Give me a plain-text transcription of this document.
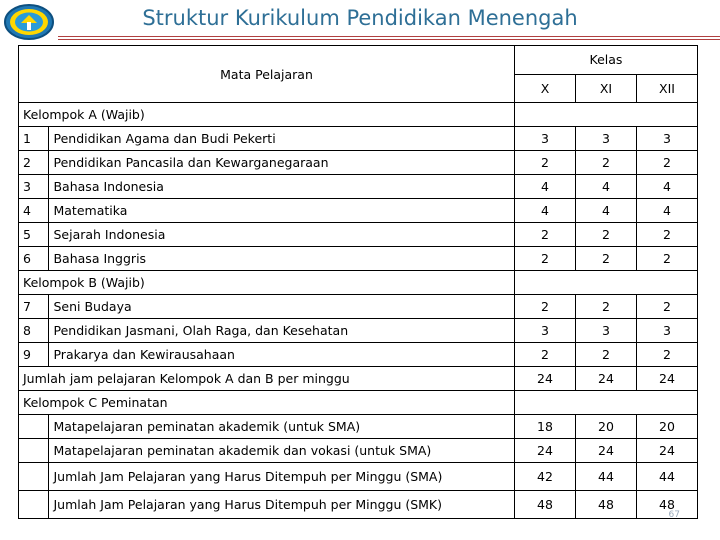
Struktur Kurikulum Pendidikan Menengah
Mata Pelajaran		Kelas		
		X	XI	XII
Kelompok A (Wajib)				
1	Pendidikan Agama dan Budi Pekerti	3	3	3
2	Pendidikan Pancasila dan Kewarganegaraan	2	2	2
3	Bahasa Indonesia	4	4	4
4	Matematika	4	4	4
5	Sejarah Indonesia	2	2	2
6	Bahasa Inggris	2	2	2
Kelompok B (Wajib)				
7	Seni Budaya	2	2	2
8	Pendidikan Jasmani, Olah Raga, dan Kesehatan	3	3	3
9	Prakarya dan Kewirausahaan	2	2	2
Jumlah jam pelajaran Kelompok A dan B per minggu		24	24	24
Kelompok C Peminatan				
	Matapelajaran peminatan akademik (untuk SMA)	18	20	20
	Matapelajaran peminatan akademik dan vokasi (untuk SMA)	24	24	24
	Jumlah Jam Pelajaran yang Harus Ditempuh per Minggu (SMA)	42	44	44
	Jumlah Jam Pelajaran yang Harus Ditempuh per Minggu (SMK)	48	48	48
67
